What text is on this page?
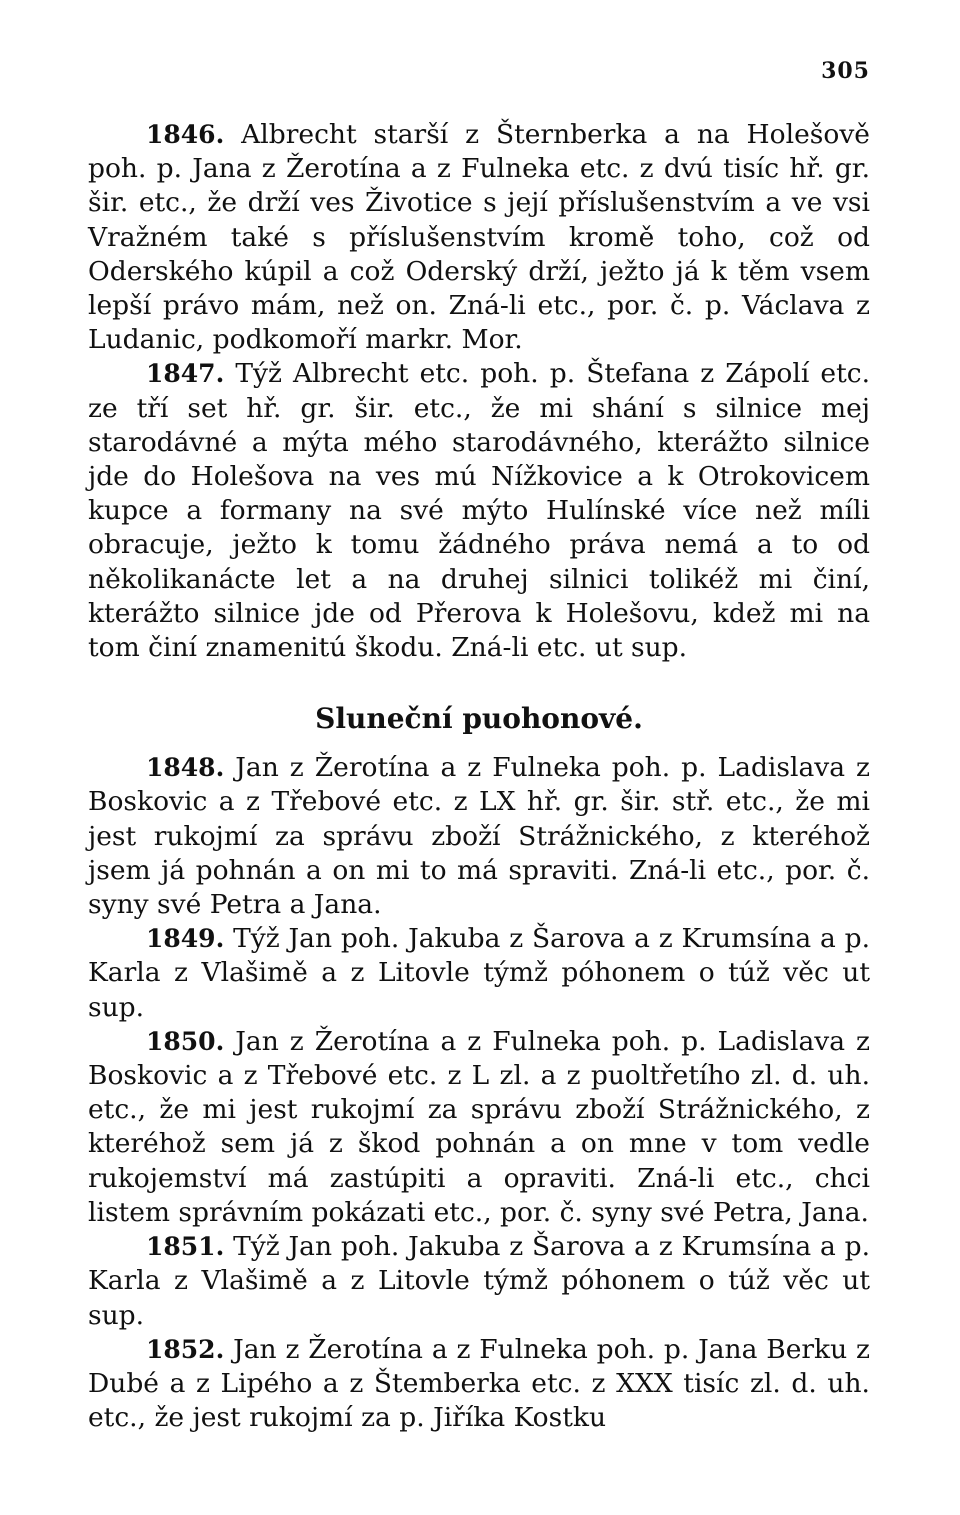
305

1846. Albrecht starší z Šternberka a na Holešově poh. p. Jana z Žerotína a z Fulneka etc. z dvú tisíc hř. gr. šir. etc., že drží ves Životice s její příslušenstvím a ve vsi Vražném také s příslušenstvím kromě toho, což od Oderského kúpil a což Oderský drží, ježto já k těm vsem lepší právo mám, než on. Zná-li etc., por. č. p. Václava z Ludanic, podkomoří markr. Mor.

1847. Týž Albrecht etc. poh. p. Štefana z Zápolí etc. ze tří set hř. gr. šir. etc., že mi shání s silnice mej starodávné a mýta mého starodávného, kterážto silnice jde do Holešova na ves mú Nížkovice a k Otrokovicem kupce a formany na své mýto Hulínské více než míli obracuje, ježto k tomu žádného práva nemá a to od několikanácte let a na druhej silnici tolikéž mi činí, kterážto silnice jde od Přerova k Holešovu, kdež mi na tom činí znamenitú škodu. Zná-li etc. ut sup.

Sluneční puohonové.

1848. Jan z Žerotína a z Fulneka poh. p. Ladislava z Boskovic a z Třebové etc. z LX hř. gr. šir. stř. etc., že mi jest rukojmí za správu zboží Strážnického, z kteréhož jsem já pohnán a on mi to má spraviti. Zná-li etc., por. č. syny své Petra a Jana.

1849. Týž Jan poh. Jakuba z Šarova a z Krumsína a p. Karla z Vlašimě a z Litovle týmž póhonem o túž věc ut sup.

1850. Jan z Žerotína a z Fulneka poh. p. Ladislava z Boskovic a z Třebové etc. z L zl. a z puoltřetího zl. d. uh. etc., že mi jest rukojmí za správu zboží Strážnického, z kteréhož sem já z škod pohnán a on mne v tom vedle rukojemství má zastúpiti a opraviti. Zná-li etc., chci listem správním pokázati etc., por. č. syny své Petra, Jana.

1851. Týž Jan poh. Jakuba z Šarova a z Krumsína a p. Karla z Vlašimě a z Litovle týmž póhonem o túž věc ut sup.

1852. Jan z Žerotína a z Fulneka poh. p. Jana Berku z Dubé a z Lipého a z Štemberka etc. z XXX tisíc zl. d. uh. etc., že jest rukojmí za p. Jiříka Kostku
